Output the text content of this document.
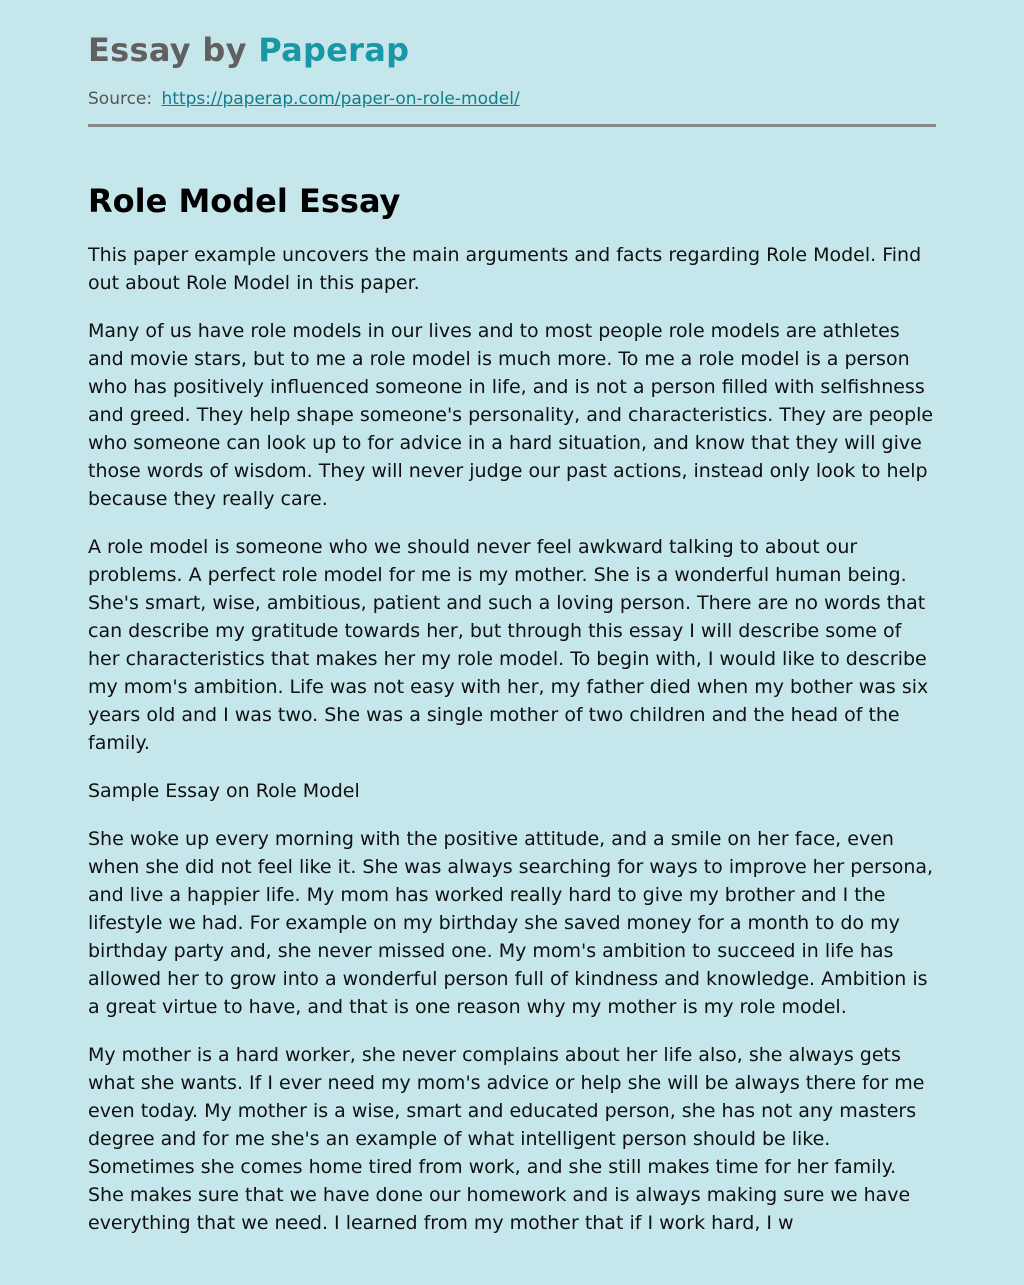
Essay by Paperap
Source: https://paperap.com/paper-on-role-model/
Role Model Essay

This paper example uncovers the main arguments and facts regarding Role Model. Find out about Role Model in this paper.

Many of us have role models in our lives and to most people role models are athletes and movie stars, but to me a role model is much more. To me a role model is a person who has positively influenced someone in life, and is not a person filled with selfishness and greed. They help shape someone's personality, and characteristics. They are people who someone can look up to for advice in a hard situation, and know that they will give those words of wisdom. They will never judge our past actions, instead only look to help because they really care.

A role model is someone who we should never feel awkward talking to about our problems. A perfect role model for me is my mother. She is a wonderful human being. She's smart, wise, ambitious, patient and such a loving person. There are no words that can describe my gratitude towards her, but through this essay I will describe some of her characteristics that makes her my role model. To begin with, I would like to describe my mom's ambition. Life was not easy with her, my father died when my bother was six years old and I was two. She was a single mother of two children and the head of the family.

Sample Essay on Role Model

She woke up every morning with the positive attitude, and a smile on her face, even when she did not feel like it. She was always searching for ways to improve her persona, and live a happier life. My mom has worked really hard to give my brother and I the lifestyle we had. For example on my birthday she saved money for a month to do my birthday party and, she never missed one. My mom's ambition to succeed in life has allowed her to grow into a wonderful person full of kindness and knowledge. Ambition is a great virtue to have, and that is one reason why my mother is my role model.

My mother is a hard worker, she never complains about her life also, she always gets what she wants. If I ever need my mom's advice or help she will be always there for me even today. My mother is a wise, smart and educated person, she has not any masters degree and for me she's an example of what intelligent person should be like. Sometimes she comes home tired from work, and she still makes time for her family. She makes sure that we have done our homework and is always making sure we have everything that we need. I learned from my mother that if I work hard, I w
